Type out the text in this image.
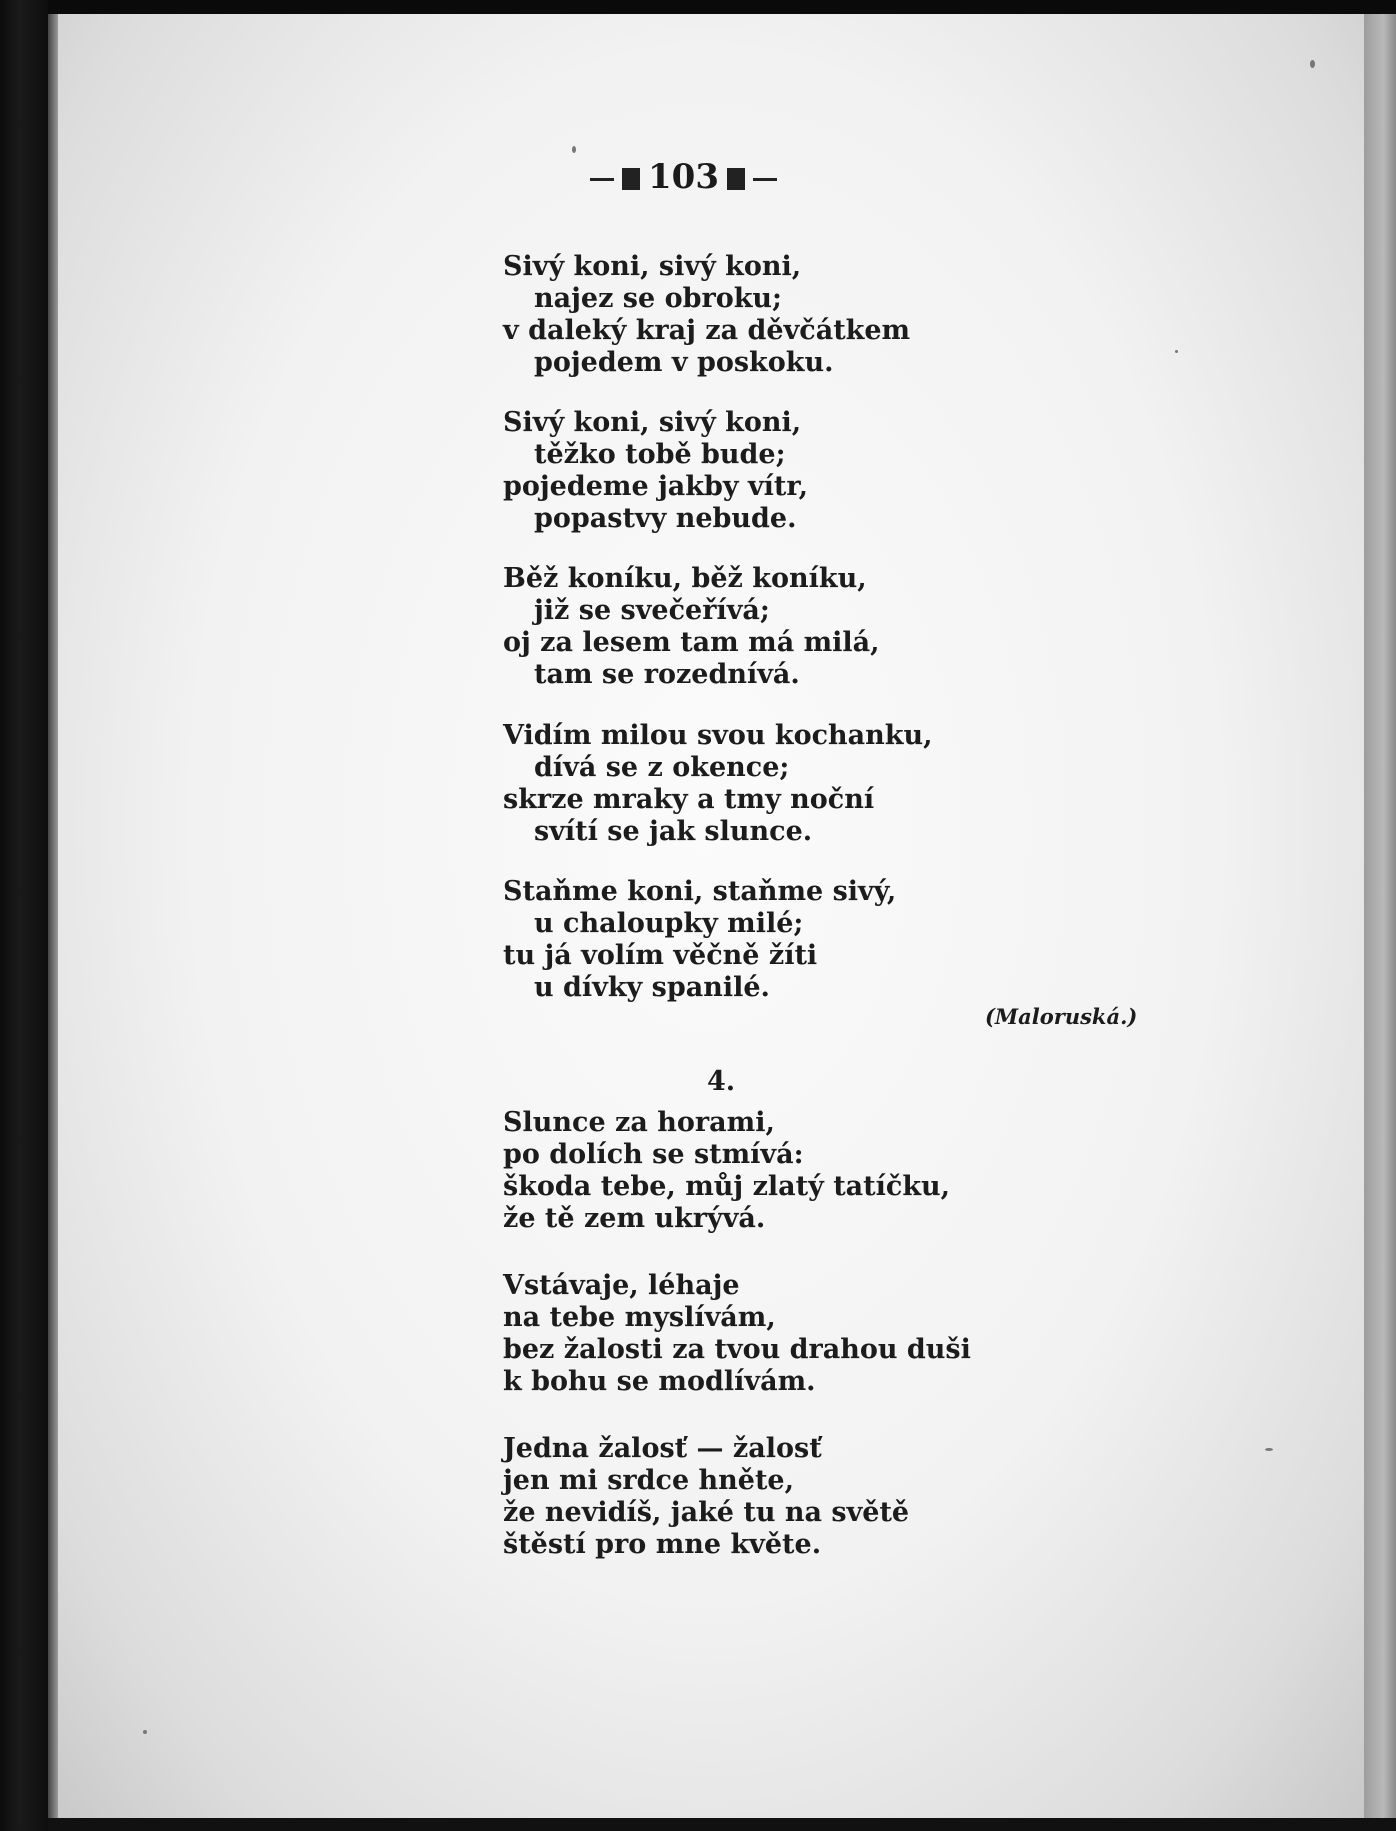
103
Sivý koni, sivý koni,
najez se obroku;
v daleký kraj za děvčátkem
pojedem v poskoku.
Sivý koni, sivý koni,
těžko tobě bude;
pojedeme jakby vítr,
popastvy nebude.
Běž koníku, běž koníku,
již se svečeřívá;
oj za lesem tam má milá,
tam se rozednívá.
Vidím milou svou kochanku,
dívá se z okence;
skrze mraky a tmy noční
svítí se jak slunce.
Staňme koni, staňme sivý,
u chaloupky milé;
tu já volím věčně žíti
u dívky spanilé.
(Maloruská.)
4.
Slunce za horami,
po dolích se stmívá:
škoda tebe, můj zlatý tatíčku,
že tě zem ukrývá.
Vstávaje, léhaje
na tebe myslívám,
bez žalosti za tvou drahou duši
k bohu se modlívám.
Jedna žalosť — žalosť
jen mi srdce hněte,
že nevidíš, jaké tu na světě
štěstí pro mne květe.
